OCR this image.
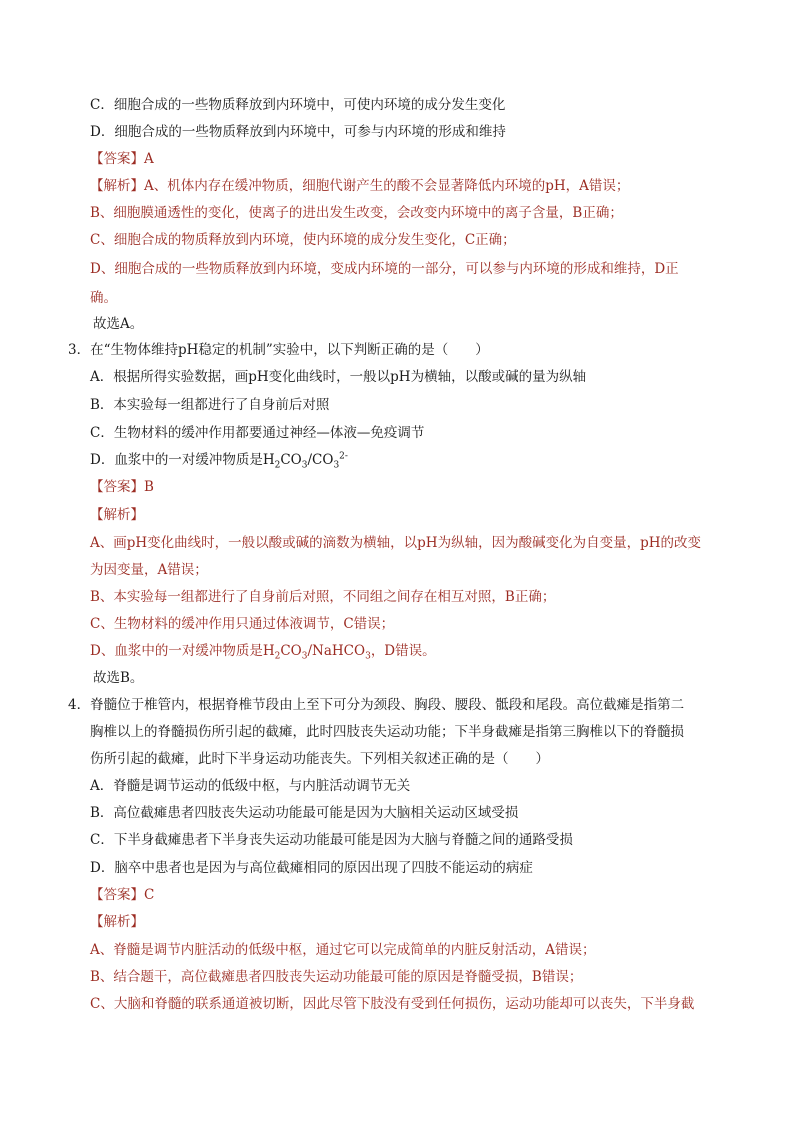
C．细胞合成的一些物质释放到内环境中，可使内环境的成分发生变化
D．细胞合成的一些物质释放到内环境中，可参与内环境的形成和维持
【答案】A
【解析】A、机体内存在缓冲物质，细胞代谢产生的酸不会显著降低内环境的pH，A错误；
B、细胞膜通透性的变化，使离子的进出发生改变，会改变内环境中的离子含量，B正确；
C、细胞合成的物质释放到内环境，使内环境的成分发生变化，C正确；
D、细胞合成的一些物质释放到内环境，变成内环境的一部分，可以参与内环境的形成和维持，D正
确。
故选A。
3．在“生物体维持pH稳定的机制”实验中，以下判断正确的是（　　）
A．根据所得实验数据，画pH变化曲线时，一般以pH为横轴，以酸或碱的量为纵轴
B．本实验每一组都进行了自身前后对照
C．生物材料的缓冲作用都要通过神经—体液—免疫调节
D．血浆中的一对缓冲物质是$H_2CO_3/CO_3^{2-}$
【答案】B
【解析】
A、画pH变化曲线时，一般以酸或碱的滴数为横轴，以pH为纵轴，因为酸碱变化为自变量，pH的改变
为因变量，A错误；
B、本实验每一组都进行了自身前后对照，不同组之间存在相互对照，B正确；
C、生物材料的缓冲作用只通过体液调节，C错误；
D、血浆中的一对缓冲物质是$H_2CO_3/NaHCO_3$，D错误。
故选B。
4．脊髓位于椎管内，根据脊椎节段由上至下可分为颈段、胸段、腰段、骶段和尾段。高位截瘫是指第二
胸椎以上的脊髓损伤所引起的截瘫，此时四肢丧失运动功能；下半身截瘫是指第三胸椎以下的脊髓损
伤所引起的截瘫，此时下半身运动功能丧失。下列相关叙述正确的是（　　）
A．脊髓是调节运动的低级中枢，与内脏活动调节无关
B．高位截瘫患者四肢丧失运动功能最可能是因为大脑相关运动区域受损
C．下半身截瘫患者下半身丧失运动功能最可能是因为大脑与脊髓之间的通路受损
D．脑卒中患者也是因为与高位截瘫相同的原因出现了四肢不能运动的病症
【答案】C
【解析】
A、脊髓是调节内脏活动的低级中枢，通过它可以完成简单的内脏反射活动，A错误；
B、结合题干，高位截瘫患者四肢丧失运动功能最可能的原因是脊髓受损，B错误；
C、大脑和脊髓的联系通道被切断，因此尽管下肢没有受到任何损伤，运动功能却可以丧失，下半身截
